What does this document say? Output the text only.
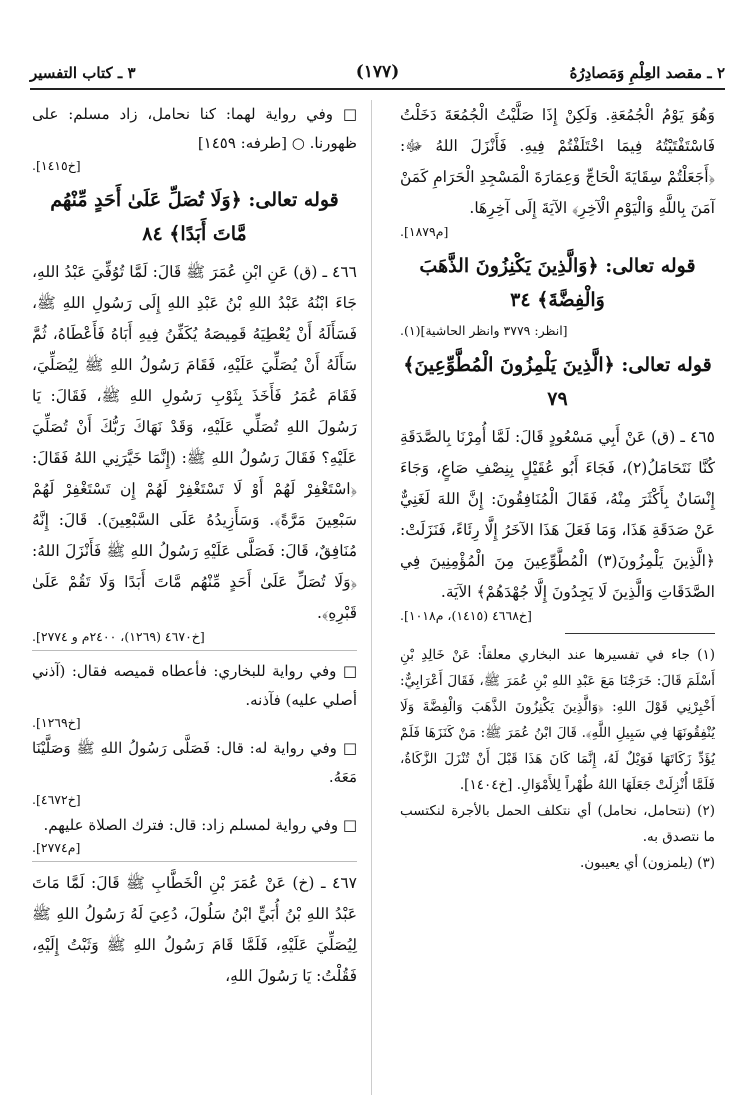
٢ ـ مقصد العِلْمِ وَمَصادِرُهُ
(١٧٧)
٣ ـ كتاب التفسير

وَهُوَ يَوْمُ الْجُمُعَةِ. وَلَكِنْ إِذَا صَلَّيْتُ الْجُمُعَةَ دَخَلْتُ فَاسْتَفْتَيْتُهُ فِيمَا اخْتَلَفْتُمْ فِيهِ. فَأَنْزَلَ اللهُ ﷻ: ﴿أَجَعَلْتُمْ سِقَايَةَ الْحَاجِّ وَعِمَارَةَ الْمَسْجِدِ الْحَرَامِ كَمَنْ آمَنَ بِاللَّهِ وَالْيَوْمِ الْآخِرِ﴾ الآيَةَ إِلَى آخِرِهَا.

[م١٨٧٩].

قوله تعالى: ﴿وَالَّذِينَ يَكْنِزُونَ الذَّهَبَ وَالْفِضَّةَ﴾ ٣٤

[انظر: ٣٧٧٩ وانظر الحاشية](١).

قوله تعالى: ﴿الَّذِينَ يَلْمِزُونَ الْمُطَّوِّعِينَ﴾ ٧٩

٤٦٥ ـ (ق) عَنْ أَبِي مَسْعُودٍ قَالَ: لَمَّا أُمِرْنَا بِالصَّدَقَةِ كُنَّا نَتَحَامَلُ(٢)، فَجَاءَ أَبُو عُقَيْلٍ بِنِصْفِ صَاعٍ، وَجَاءَ إِنْسَانٌ بِأَكْثَرَ مِنْهُ، فَقَالَ الْمُنَافِقُونَ: إِنَّ اللهَ لَغَنِيٌّ عَنْ صَدَقَةِ هَذَا، وَمَا فَعَلَ هَذَا الآخَرُ إِلَّا رِئَاءً، فَنَزَلَتْ: ﴿الَّذِينَ يَلْمِزُونَ(٣) الْمُطَّوِّعِينَ مِنَ الْمُؤْمِنِينَ فِي الصَّدَقَاتِ وَالَّذِينَ لَا يَجِدُونَ إِلَّا جُهْدَهُمْ﴾ الآيَة.

[خ٤٦٦٨ (١٤١٥)، م١٠١٨].

(١) جاء في تفسيرها عند البخاري معلقاً: عَنْ خَالِدِ بْنِ أَسْلَمَ قَالَ: خَرَجْنَا مَعَ عَبْدِ اللهِ بْنِ عُمَرَ ﷺ، فَقَالَ أَعْرَابِيٌّ: أَخْبِرْنِي قَوْلَ اللهِ: ﴿وَالَّذِينَ يَكْنِزُونَ الذَّهَبَ وَالْفِضَّةَ وَلَا يُنْفِقُونَهَا فِي سَبِيلِ اللَّهِ﴾. قَالَ ابْنُ عُمَرَ ﷺ: مَنْ كَنَزَهَا فَلَمْ يُؤَدِّ زَكَاتَهَا فَوَيْلٌ لَهُ، إِنَّمَا كَانَ هَذَا قَبْلَ أَنْ تُنْزَلَ الزَّكَاةُ، فَلَمَّا أُنْزِلَتْ جَعَلَهَا اللهُ طُهْراً لِلأَمْوَالِ. [خ١٤٠٤].

(٢) (نتحامل، نحامل) أي نتكلف الحمل بالأجرة لنكتسب ما نتصدق به.

(٣) (يلمزون) أي يعيبون.

□ وفي رواية لهما: كنا نحامل، زاد مسلم: على ظهورنا. ○ [طرفه: ١٤٥٩]

[خ١٤١٥].

قوله تعالى: ﴿وَلَا تُصَلِّ عَلَىٰ أَحَدٍ مِّنْهُم مَّاتَ أَبَدًا﴾ ٨٤

٤٦٦ ـ (ق) عَنِ ابْنِ عُمَرَ ﷺ قَالَ: لَمَّا تُوُفِّيَ عَبْدُ اللهِ، جَاءَ ابْنُهُ عَبْدُ اللهِ بْنُ عَبْدِ اللهِ إِلَى رَسُولِ اللهِ ﷺ، فَسَأَلَهُ أَنْ يُعْطِيَهُ قَمِيصَهُ يُكَفِّنُ فِيهِ أَبَاهُ فَأَعْطَاهُ، ثُمَّ سَأَلَهُ أَنْ يُصَلِّيَ عَلَيْهِ، فَقَامَ رَسُولُ اللهِ ﷺ لِيُصَلِّيَ، فَقَامَ عُمَرُ فَأَخَذَ بِثَوْبِ رَسُولِ اللهِ ﷺ، فَقَالَ: يَا رَسُولَ اللهِ تُصَلِّي عَلَيْهِ، وَقَدْ نَهَاكَ رَبُّكَ أَنْ تُصَلِّيَ عَلَيْهِ؟ فَقَالَ رَسُولُ اللهِ ﷺ: (إِنَّمَا خَيَّرَنِي اللهُ فَقَالَ: ﴿اسْتَغْفِرْ لَهُمْ أَوْ لَا تَسْتَغْفِرْ لَهُمْ إِن تَسْتَغْفِرْ لَهُمْ سَبْعِينَ مَرَّةً﴾. وَسَأَزِيدُهُ عَلَى السَّبْعِينَ). قَالَ: إِنَّهُ مُنَافِقٌ، قَالَ: فَصَلَّى عَلَيْهِ رَسُولُ اللهِ ﷺ فَأَنْزَلَ اللهُ: ﴿وَلَا تُصَلِّ عَلَىٰ أَحَدٍ مِّنْهُم مَّاتَ أَبَدًا وَلَا تَقُمْ عَلَىٰ قَبْرِهِ﴾.

[خ٤٦٧٠ (١٢٦٩)، ٢٤٠٠م و ٢٧٧٤].

□ وفي رواية للبخاري: فأعطاه قميصه فقال: (آذني أصلي عليه) فآذنه.

[خ١٢٦٩].

□ وفي رواية له: قال: فَصَلَّى رَسُولُ اللهِ ﷺ وَصَلَّيْنَا مَعَهُ.

[خ٤٦٧٢].

□ وفي رواية لمسلم زاد: قال: فترك الصلاة عليهم.

[م٢٧٧٤].

٤٦٧ ـ (خ) عَنْ عُمَرَ بْنِ الْخَطَّابِ ﷺ قَالَ: لَمَّا مَاتَ عَبْدُ اللهِ بْنُ أُبَيٍّ ابْنُ سَلُولَ، دُعِيَ لَهُ رَسُولُ اللهِ ﷺ لِيُصَلِّيَ عَلَيْهِ، فَلَمَّا قَامَ رَسُولُ اللهِ ﷺ وَثَبْتُ إِلَيْهِ، فَقُلْتُ: يَا رَسُولَ اللهِ،
